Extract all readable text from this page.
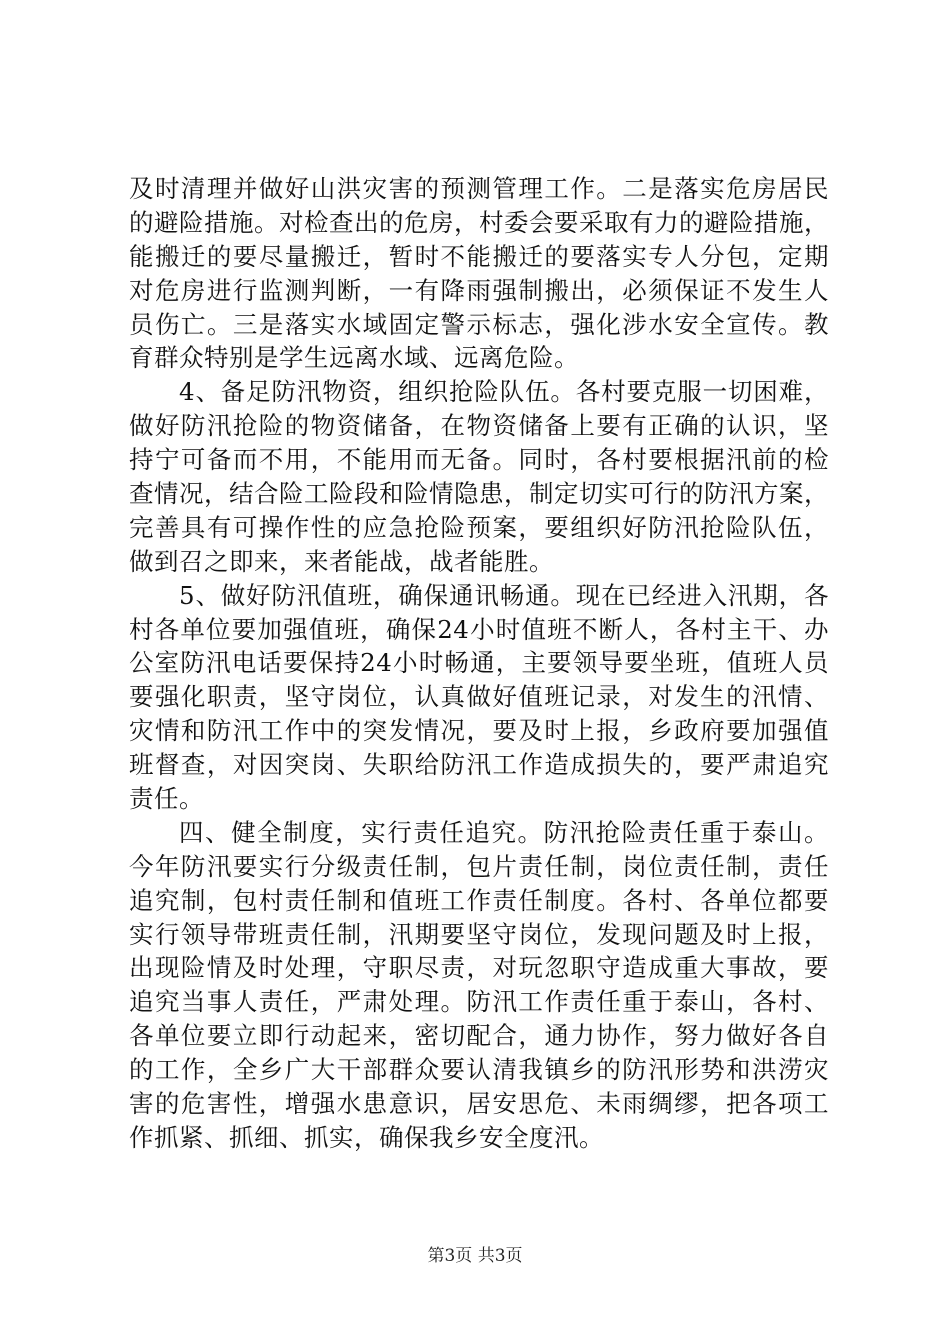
及时清理并做好山洪灾害的预测管理工作。二是落实危房居民
的避险措施。对检查出的危房，村委会要采取有力的避险措施，
能搬迁的要尽量搬迁，暂时不能搬迁的要落实专人分包，定期
对危房进行监测判断，一有降雨强制搬出，必须保证不发生人
员伤亡。三是落实水域固定警示标志，强化涉水安全宣传。教
育群众特别是学生远离水域、远离危险。
4、备足防汛物资，组织抢险队伍。各村要克服一切困难，
做好防汛抢险的物资储备，在物资储备上要有正确的认识，坚
持宁可备而不用，不能用而无备。同时，各村要根据汛前的检
查情况，结合险工险段和险情隐患，制定切实可行的防汛方案，
完善具有可操作性的应急抢险预案，要组织好防汛抢险队伍，
做到召之即来，来者能战，战者能胜。
5、做好防汛值班，确保通讯畅通。现在已经进入汛期，各
村各单位要加强值班，确保24小时值班不断人，各村主干、办
公室防汛电话要保持24小时畅通，主要领导要坐班，值班人员
要强化职责，坚守岗位，认真做好值班记录，对发生的汛情、
灾情和防汛工作中的突发情况，要及时上报，乡政府要加强值
班督查，对因突岗、失职给防汛工作造成损失的，要严肃追究
责任。
四、健全制度，实行责任追究。防汛抢险责任重于泰山。
今年防汛要实行分级责任制，包片责任制，岗位责任制，责任
追究制，包村责任制和值班工作责任制度。各村、各单位都要
实行领导带班责任制，汛期要坚守岗位，发现问题及时上报，
出现险情及时处理，守职尽责，对玩忽职守造成重大事故，要
追究当事人责任，严肃处理。防汛工作责任重于泰山，各村、
各单位要立即行动起来，密切配合，通力协作，努力做好各自
的工作，全乡广大干部群众要认清我镇乡的防汛形势和洪涝灾
害的危害性，增强水患意识，居安思危、未雨绸缪，把各项工
作抓紧、抓细、抓实，确保我乡安全度汛。
第3页 共3页
